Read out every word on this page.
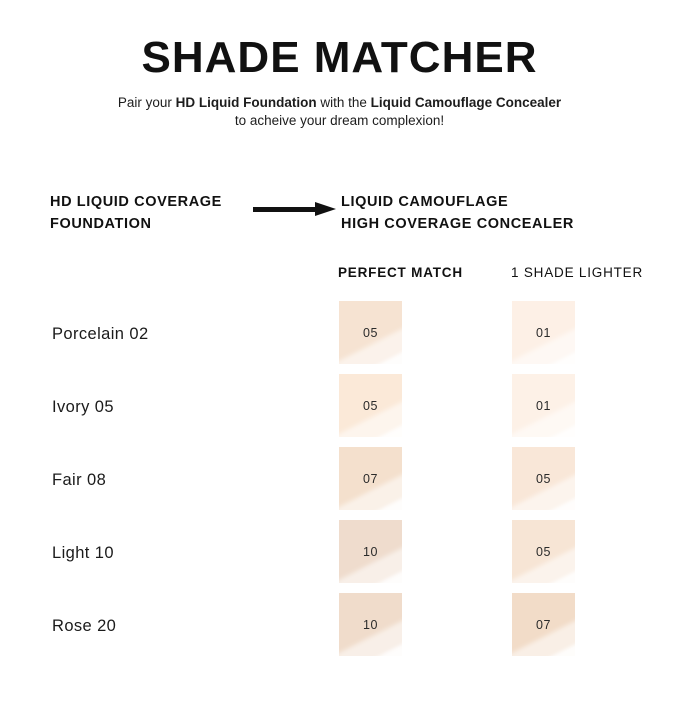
SHADE MATCHER

Pair your HD Liquid Foundation with the Liquid Camouflage Concealer
to acheive your dream complexion!

HD LIQUID COVERAGE
FOUNDATION
LIQUID CAMOUFLAGE
HIGH COVERAGE CONCEALER
PERFECT MATCH	1 SHADE LIGHTER
Porcelain 02	05	01
Ivory 05	05	01
Fair 08	07	05
Light 10	10	05
Rose 20	10	07
